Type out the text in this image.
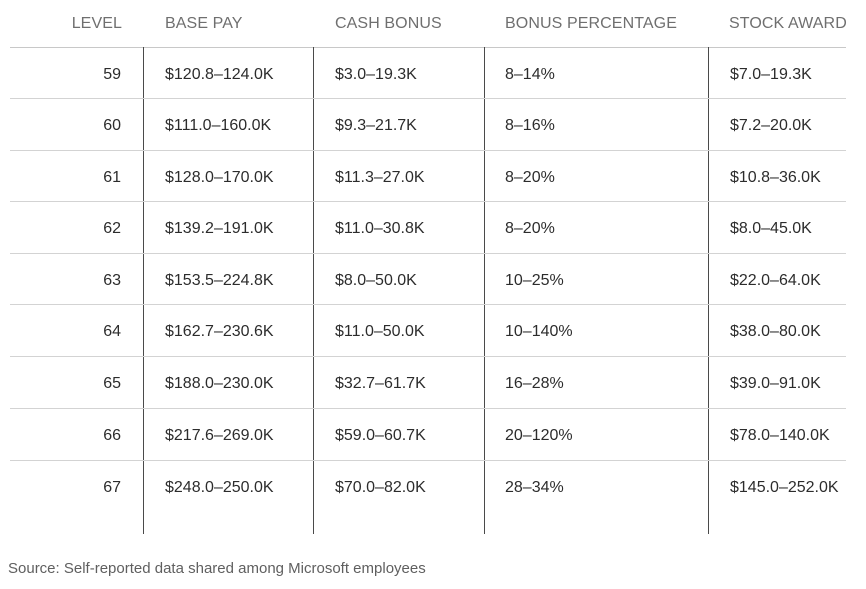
LEVEL	BASE PAY	CASH BONUS	BONUS PERCENTAGE	STOCK AWARD
59	$120.8–124.0K	$3.0–19.3K	8–14%	$7.0–19.3K
60	$111.0–160.0K	$9.3–21.7K	8–16%	$7.2–20.0K
61	$128.0–170.0K	$11.3–27.0K	8–20%	$10.8–36.0K
62	$139.2–191.0K	$11.0–30.8K	8–20%	$8.0–45.0K
63	$153.5–224.8K	$8.0–50.0K	10–25%	$22.0–64.0K
64	$162.7–230.6K	$11.0–50.0K	10–140%	$38.0–80.0K
65	$188.0–230.0K	$32.7–61.7K	16–28%	$39.0–91.0K
66	$217.6–269.0K	$59.0–60.7K	20–120%	$78.0–140.0K
67	$248.0–250.0K	$70.0–82.0K	28–34%	$145.0–252.0K
Source: Self-reported data shared among Microsoft employees
